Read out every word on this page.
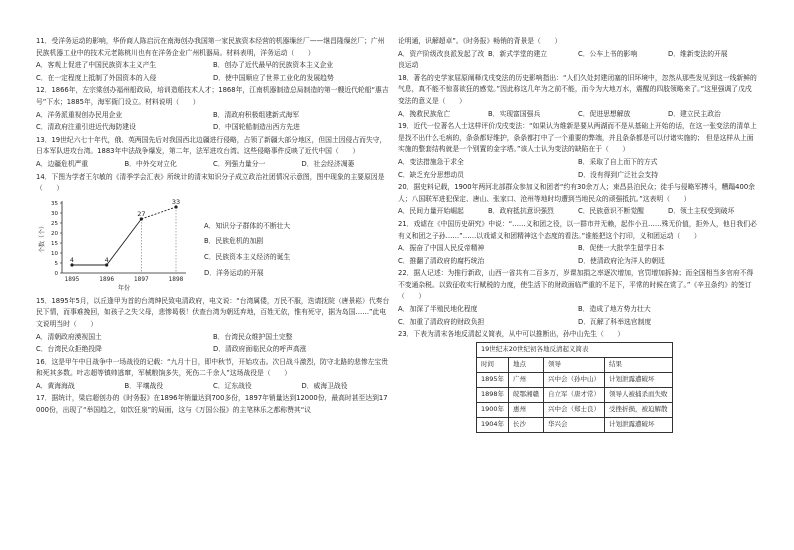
11．受洋务运动的影响，华侨商人陈启沅在南海创办我国第一家民族资本经营的机器缫丝厂——继昌隆缫丝厂；广州民族机器工业中的技术元老陈桃川也有在洋务企业广州机器局。材料表明，洋务运动（　　）

A．客观上促进了中国民族资本主义产生	B．创办了近代最早的民族资本主义企业
C．在一定程度上抵制了外国资本的入侵	D．使中国顺应了世界工业化的发展趋势

12．1866年，左宗棠创办福州船政局，培训造船技术人才；1868年，江南机器制造总局制造的第一艘近代轮船“惠吉号”下水；1885年，海军衙门设立。材料说明（　　）

A．洋务派重视创办民用企业	B．清政府积极组建新式海军
C．清政府注重引进近代海防建设	D．中国轮船制造出西方先进

13．19世纪六七十年代，俄、英两国先后对我国西北边疆进行侵略，占领了新疆大部分地区，但国土因侵占而失守，日本军队进攻台湾。1883年中法战争爆发，第二年，法军进攻台湾。这些侵略事件反映了近代中国（　　）

A．边疆危机严重	B．中外交对立化	C．列强力量分一	D．社会经济凋萎

14．下图为学者王尔敏的《清季学会汇表》所统计的清末知识分子成立政治社团情况示意图，图中现象的主要原因是（　　）

0
5
10
15
20
25
30
35
1895	1896	1897	1898
年份
个数（个）
4	4
27
33
A．知识分子群体的不断壮大
B．民族危机的加剧
C．民族资本主义经济的诞生
D．洋务运动的开展

15．1895年5月，以丘逢甲为首的台湾绅民致电清政府，电文说：“台湾属倭，万民不服，迭请抚院（唐景崧）代奏台民下情，而事难挽回，如孩子之失父母，悲惨曷极！伏查台湾为朝廷弃地，百姓无依，惟有死守，据为岛国……”此电文说明当时（　　）

A．清朝政府漠视国土	B．台湾民众维护国土完整
C．台湾民众拒绝投降	D．清政府面临民众的呼声高涨

16．这是甲午中日战争中一场战役的记载：“九月十日，即中秋节，开始攻击。次日战斗激烈，防守北路的悲惨左宝贵和死其多数。叶志超等镇帅逃窜，军械粮饷多失，死伤二千余人”这场战役是（　　）

A．黄海海战	B．平壤战役	C．辽东战役	D．威海卫战役

17．据统计，梁启超创办的《时务报》在1896年销量达到700多份，1897年销量达到12000份，最高时甚至达到17000份，出现了“举国趋之，如饮狂泉”的局面，这与《万国公报》的主笔林乐之都称赞其“议

论明通，识解超卓”。《时务报》畅销的背景是（　　）

A．资产阶级改良派发起了改良运动
B．新式学堂的建立	C．公车上书的影响	D．维新变法的开展

18．著名的史学家屈原阐释戊戌变法的历史影响指出：“人们久处封建闭塞的旧环境中，忽然从那些发见到这一线新鲜的气息，真不能不惊喜欲狂的感觉。”因此称这几年为之前不能，而今为大地万水，震醒的四肢领略来了。”这里强调了戊戌变法的意义是（　　）

A．挽救民族危亡	B．实现富国强兵	C．促进思想解放	D．建立民主政治

19．近代一位著名人士这样评价戊戌变法：“如果认为维新是要从两湖而不是从基础上开始的话，在这一张变法的清单上是找不出什么毛病的，条条都好维护，条条都打中了一个重要的弊端，并且条条都是可以付诸实施的； 但是这样从上面实施的整套结构就是一个别置的金字塔。”该人士认为变法的缺陷在于（　　）

A．变法措施急于求全	B．采取了自上而下的方式
C．缺乏充分思想动员	D．没有得到广泛社会支持

20．据史料记载，1900年两河北部群众参加义和团者“约有30余万人；束昌县泊民众；徒手与侵略军搏斗，糟蹋400余人；八国联军进犯保定、唐山、张家口、沧州等地时均遭到当地民众的顽强抵抗。”这表明（　　）

A．民间力量开始崛起	B．政府抵抗意识强烈	C．民族意识不断觉醒	D．领土主权受到破坏

21．戏谑在《中国历史研究》中说：“……义和团之役，以一群市井无赖，起作小丑……殊无价值，拒外人，他日我们必有义和团之子孙……”……以戏谑义和团精神这个态度的看法。”谁能把这个打印，义和团运动（　　）

A．振奋了中国人民反帝精神	B．促使一大批学生留学日本
C．推翻了清政府的腐朽统治	D．使清政府沦为洋人的朝廷

22．据人记述：为推行新政，山西一省共有二百多万，岁课加捐之率逐次增加，官罚增加拆掉；而全国相当多官府不得不变通杂税。以致征收实行赋税的力度，使生活下的财政面临严重的不足下，平常的时候在赏了。”《辛丑条约》的签订（　　）

A．加深了半殖民地化程度	B．造成了地方势力壮大
C．加重了清政府的财政负担	D．瓦解了科举选官制度

23．下表为清末各地反清起义简表，从中可以推断出，孙中山先生（　　）

19世纪末20世纪初各地反清起义简表			
时间	地点	领导	结果
1895年	广州	兴中会（孙中山）	计划泄露遭破坏
1898年	皖鄂湘赣	自立军（唐才常）	领导人被捕杀而失败
1900年	惠州	兴中会（郑士良）	受挫折损，被迫解散
1904年	长沙	华兴会	计划泄露遭破坏
